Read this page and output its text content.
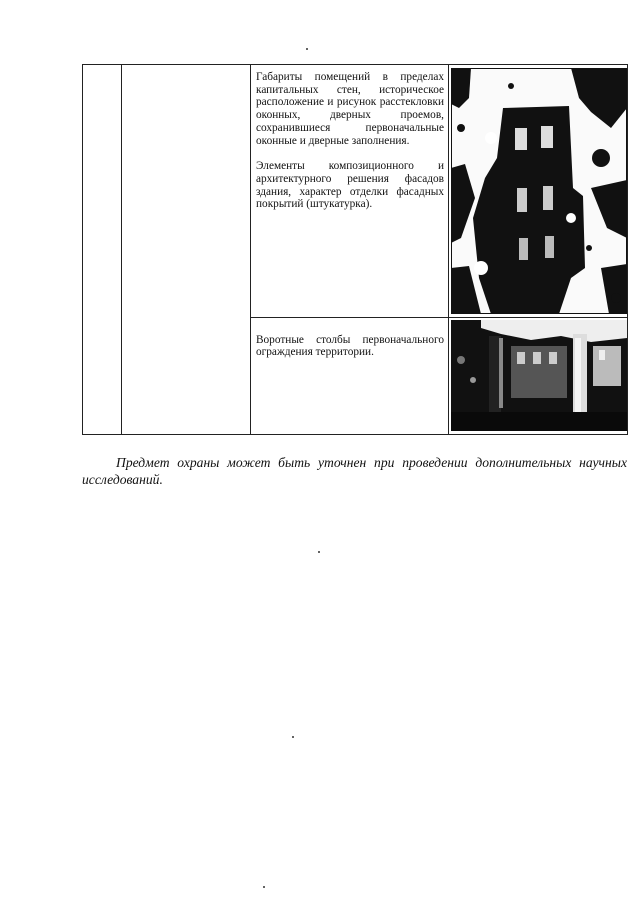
		Габариты помещений в пределах капитальных стен, историческое расположение и рисунок расстекловки оконных, дверных проемов, сохранившиеся первоначальные оконные и дверные заполнения.

Элементы композиционного и архитектурного решения фасадов здания, характер отделки фасадных покрытий (штукатурка).

		Воротные столбы первоначального ограждения территории.

Предмет охраны может быть уточнен при проведении дополнительных научных исследований.
